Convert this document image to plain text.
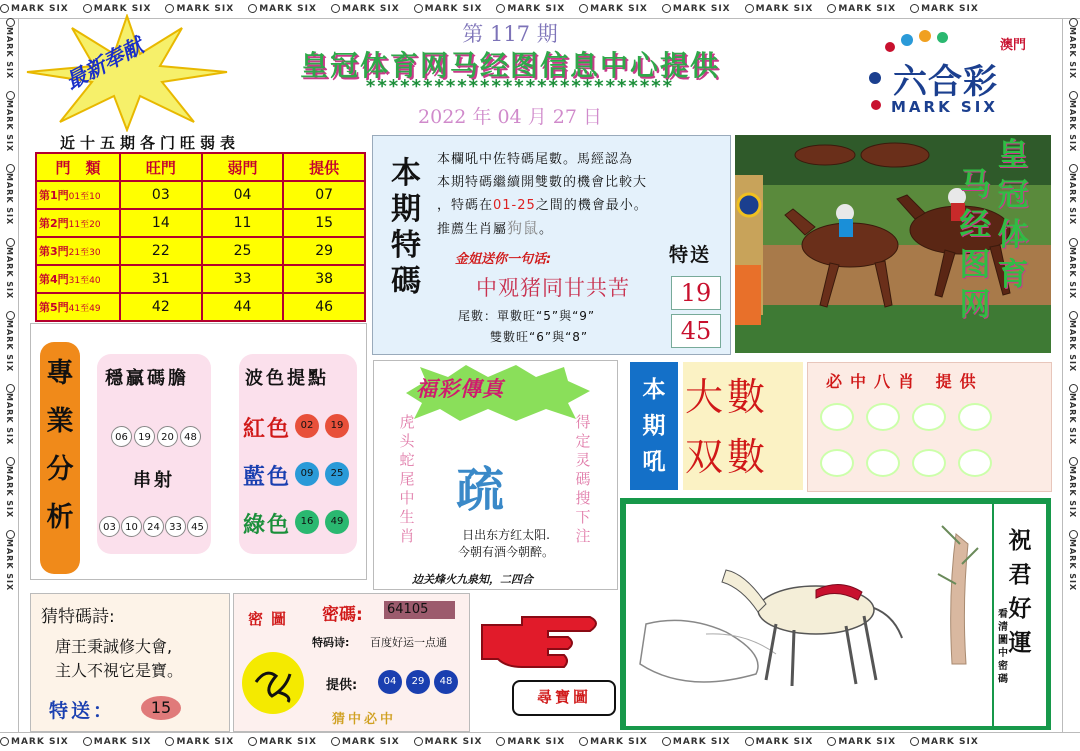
MARK SIX	MARK SIX	MARK SIX	MARK SIX	MARK SIX	MARK SIX	MARK SIX	MARK SIX	MARK SIX	MARK SIX	MARK SIX	MARK SIX
MARK SIX	MARK SIX	MARK SIX	MARK SIX	MARK SIX	MARK SIX	MARK SIX	MARK SIX	MARK SIX	MARK SIX	MARK SIX	MARK SIX
MARK SIXMARK SIXMARK SIXMARK SIXMARK SIXMARK SIXMARK SIXMARK SIX
MARK SIXMARK SIXMARK SIXMARK SIXMARK SIXMARK SIXMARK SIXMARK SIX
最新奉献	第 117 期
皇冠体育网马经图信息中心提供
***************************
2022 年 04 月 27 日
澳門
六合彩
MARK SIX
近十五期各门旺弱表
門　類	旺門	弱門	提供
第1門01至10	03	04	07
第2門11至20	14	11	15
第3門21至30	22	25	29
第4門31至40	31	33	38
第5門41至49	42	44	46
本期特碼
本欄吼中佐特碼尾數。馬經認為
本期特碼繼續開雙數的機會比較大
，特碼在01-25之間的機會最小。
推薦生肖屬狗鼠。
金姐送你一句话:	特送
中观猪同甘共苦	19
45
尾數：單數旺“5”與“9”
雙數旺“6”與“8”
皇冠体育
马经图网
專業分析
穩贏碼膽
06	19	20	48
串射
03 10 24 33 45
波色提點
紅色 02	19
藍色 09	25
綠色 16	49
福彩傳真
虎头蛇尾中生肖
得定灵碼搜下注
疏
日出东方红太阳.
今朝有酒今朝醉。
边关烽火九泉知，二四合
本期吼
大數
双數
必中八肖 提供
祝君好運
看清圖中密碼
猜特碼詩:
唐王秉誠修大會,
主人不視它是寶。
特送：	15
密圖 密碼: 64105
特码诗: 百度好运一点通
提供:	04	29	48
猜中必中
尋寶圖
